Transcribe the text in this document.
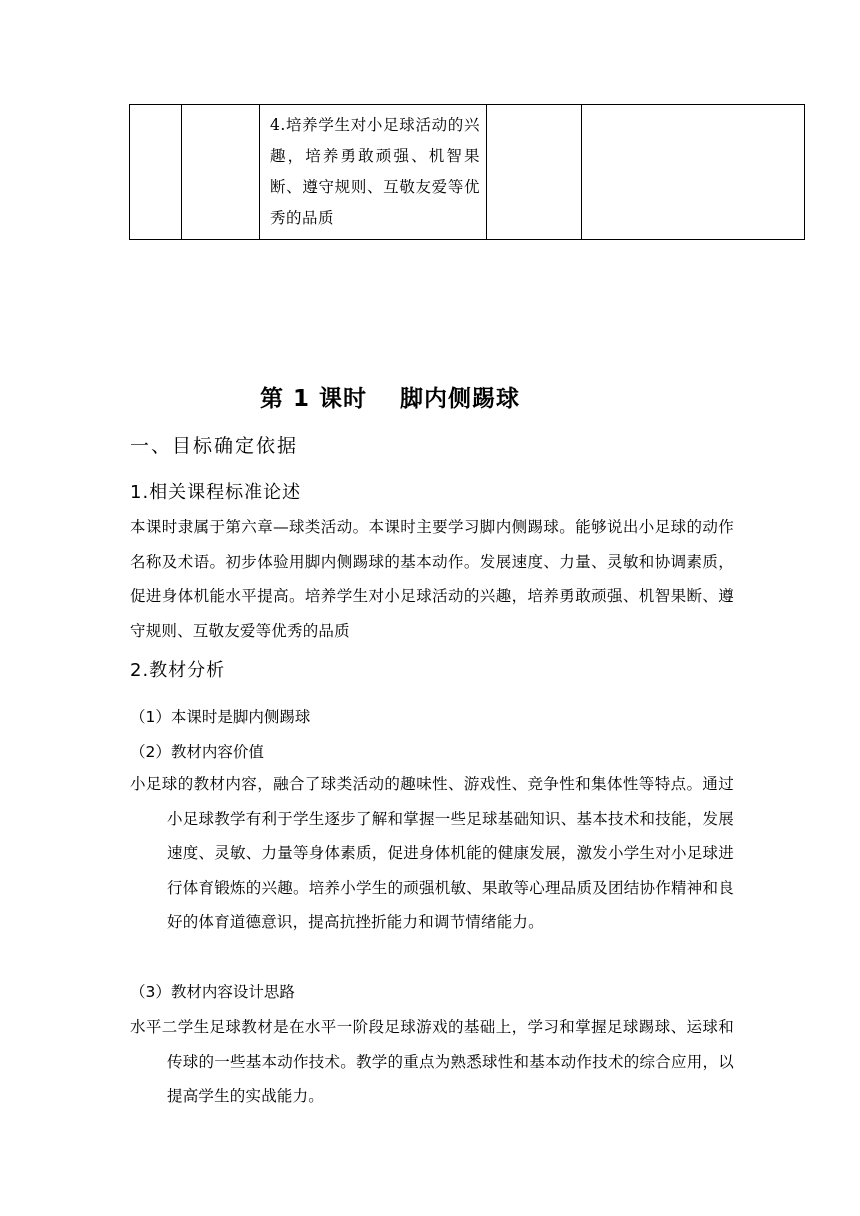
4.培养学生对小足球活动的兴趣，培养勇敢顽强、机智果断、遵守规则、互敬友爱等优秀的品质

第 1 课时　 脚内侧踢球
一、目标确定依据
1.相关课程标准论述
本课时隶属于第六章—球类活动。本课时主要学习脚内侧踢球。能够说出小足球的动作名称及术语。初步体验用脚内侧踢球的基本动作。发展速度、力量、灵敏和协调素质，促进身体机能水平提高。培养学生对小足球活动的兴趣，培养勇敢顽强、机智果断、遵守规则、互敬友爱等优秀的品质
2.教材分析
（1）本课时是脚内侧踢球
（2）教材内容价值
小足球的教材内容，融合了球类活动的趣味性、游戏性、竞争性和集体性等特点。通过小足球教学有利于学生逐步了解和掌握一些足球基础知识、基本技术和技能，发展速度、灵敏、力量等身体素质，促进身体机能的健康发展，激发小学生对小足球进行体育锻炼的兴趣。培养小学生的顽强机敏、果敢等心理品质及团结协作精神和良好的体育道德意识，提高抗挫折能力和调节情绪能力。
（3）教材内容设计思路
水平二学生足球教材是在水平一阶段足球游戏的基础上，学习和掌握足球踢球、运球和传球的一些基本动作技术。教学的重点为熟悉球性和基本动作技术的综合应用，以提高学生的实战能力。
